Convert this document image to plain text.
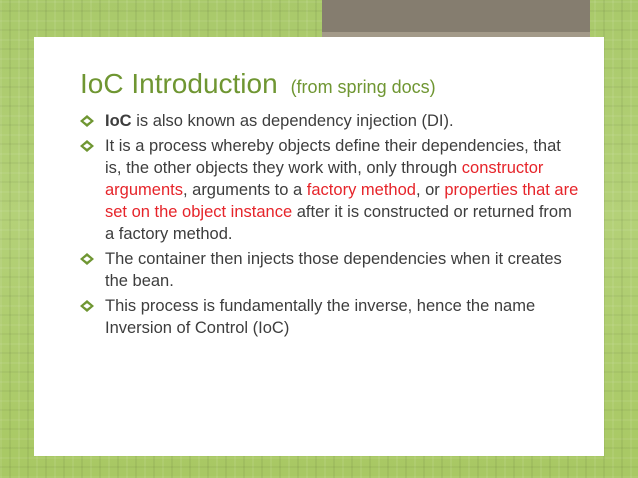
IoC Introduction (from spring docs)
IoC is also known as dependency injection (DI).
It is a process whereby objects define their dependencies, that is, the other objects they work with, only through constructor arguments, arguments to a factory method, or properties that are set on the object instance after it is constructed or returned from a factory method.
The container then injects those dependencies when it creates the bean.
This process is fundamentally the inverse, hence the name Inversion of Control (IoC)
